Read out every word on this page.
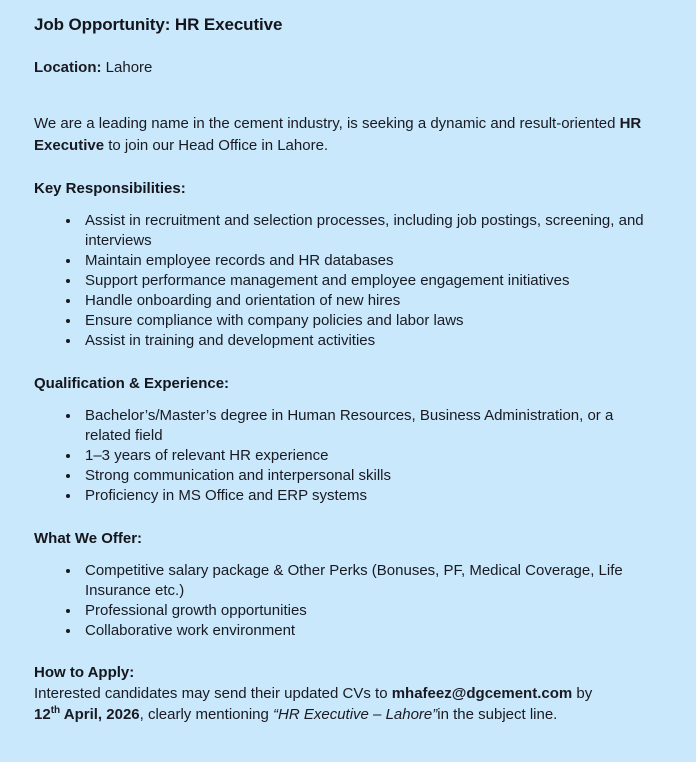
Job Opportunity: HR Executive

Location: Lahore

We are a leading name in the cement industry, is seeking a dynamic and result-oriented HR Executive to join our Head Office in Lahore.

Key Responsibilities:
Assist in recruitment and selection processes, including job postings, screening, and interviews
Maintain employee records and HR databases
Support performance management and employee engagement initiatives
Handle onboarding and orientation of new hires
Ensure compliance with company policies and labor laws
Assist in training and development activities
Qualification & Experience:
Bachelor’s/Master’s degree in Human Resources, Business Administration, or a related field
1–3 years of relevant HR experience
Strong communication and interpersonal skills
Proficiency in MS Office and ERP systems
What We Offer:
Competitive salary package & Other Perks (Bonuses, PF, Medical Coverage, Life Insurance etc.)
Professional growth opportunities
Collaborative work environment
How to Apply:

Interested candidates may send their updated CVs to mhafeez@dgcement.com by 12th April, 2026, clearly mentioning “HR Executive – Lahore”in the subject line.
